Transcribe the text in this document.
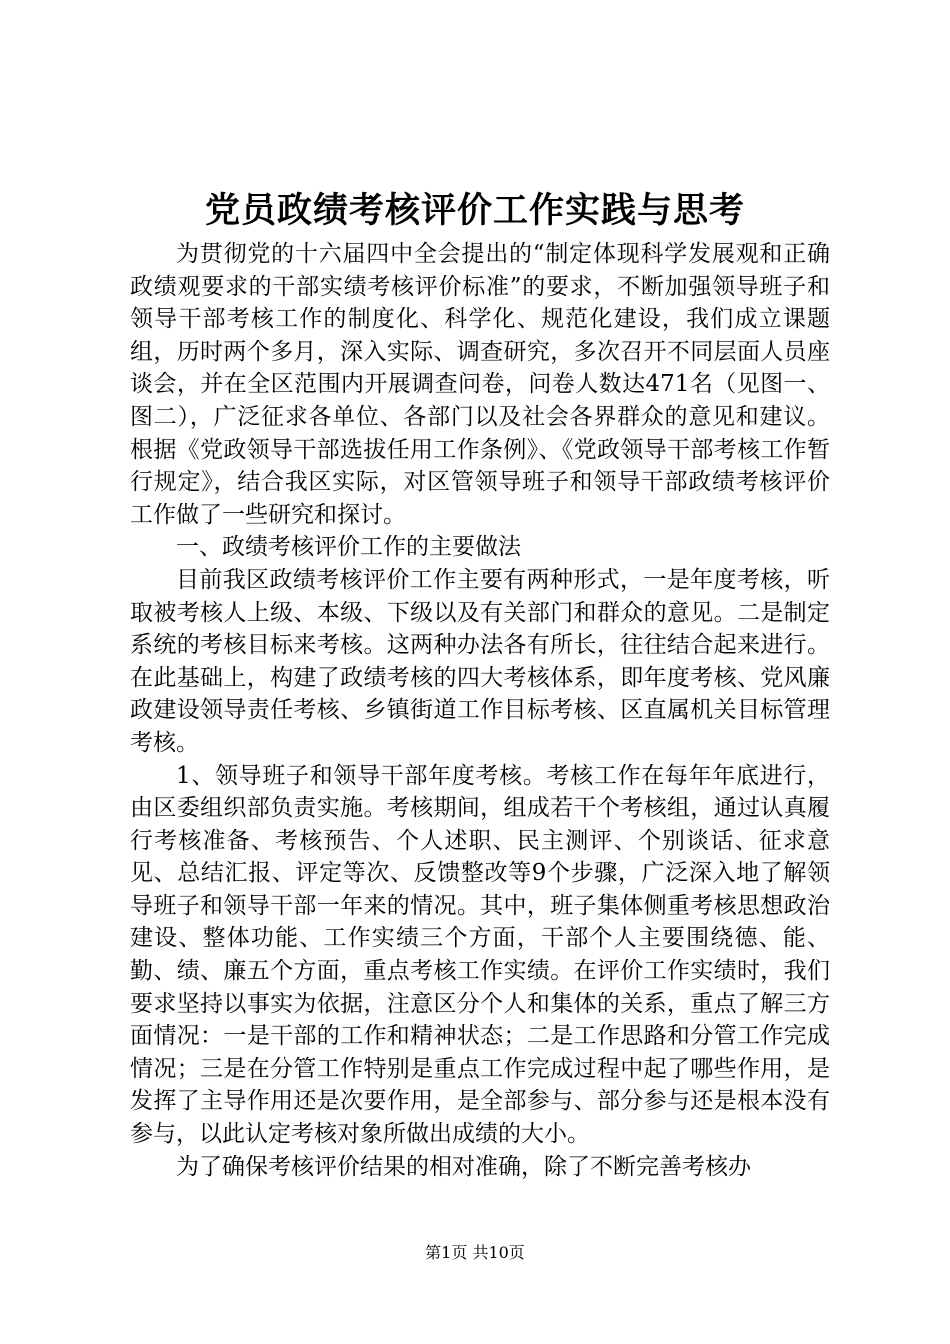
党员政绩考核评价工作实践与思考

为贯彻党的十六届四中全会提出的“制定体现科学发展观和正确政绩观要求的干部实绩考核评价标准”的要求，不断加强领导班子和领导干部考核工作的制度化、科学化、规范化建设，我们成立课题组，历时两个多月，深入实际、调查研究，多次召开不同层面人员座谈会，并在全区范围内开展调查问卷，问卷人数达471名（见图一、图二），广泛征求各单位、各部门以及社会各界群众的意见和建议。根据《党政领导干部选拔任用工作条例》、《党政领导干部考核工作暂行规定》，结合我区实际，对区管领导班子和领导干部政绩考核评价工作做了一些研究和探讨。

一、政绩考核评价工作的主要做法

目前我区政绩考核评价工作主要有两种形式，一是年度考核，听取被考核人上级、本级、下级以及有关部门和群众的意见。二是制定系统的考核目标来考核。这两种办法各有所长，往往结合起来进行。在此基础上，构建了政绩考核的四大考核体系，即年度考核、党风廉政建设领导责任考核、乡镇街道工作目标考核、区直属机关目标管理考核。

1、领导班子和领导干部年度考核。考核工作在每年年底进行，由区委组织部负责实施。考核期间，组成若干个考核组，通过认真履行考核准备、考核预告、个人述职、民主测评、个别谈话、征求意见、总结汇报、评定等次、反馈整改等9个步骤，广泛深入地了解领导班子和领导干部一年来的情况。其中，班子集体侧重考核思想政治建设、整体功能、工作实绩三个方面，干部个人主要围绕德、能、勤、绩、廉五个方面，重点考核工作实绩。在评价工作实绩时，我们要求坚持以事实为依据，注意区分个人和集体的关系，重点了解三方面情况：一是干部的工作和精神状态；二是工作思路和分管工作完成情况；三是在分管工作特别是重点工作完成过程中起了哪些作用，是发挥了主导作用还是次要作用，是全部参与、部分参与还是根本没有参与，以此认定考核对象所做出成绩的大小。

为了确保考核评价结果的相对准确，除了不断完善考核办

第1页 共10页
